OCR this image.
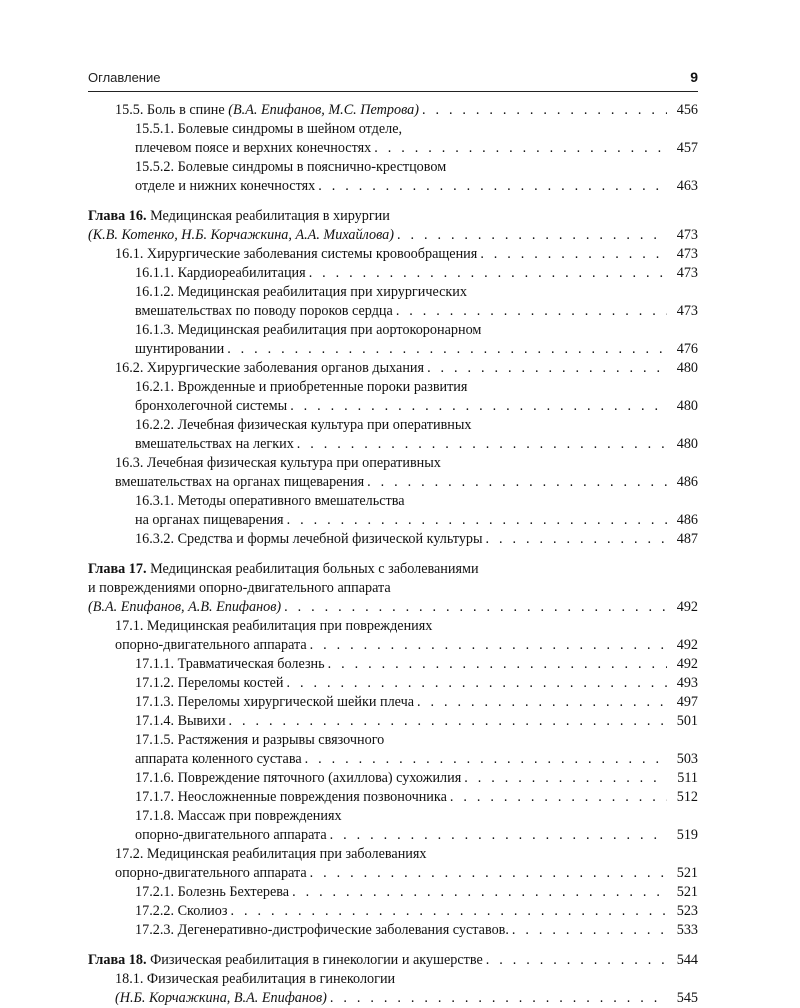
Оглавление	9
15.5. Боль в спине (В.А. Епифанов, М.С. Петрова) . . .	456
15.5.1. Болевые синдромы в шейном отделе,
плечевом поясе и верхних конечностях . . .	457
15.5.2. Болевые синдромы в пояснично-крестцовом
отделе и нижних конечностях . . .	463
Глава 16. Медицинская реабилитация в хирургии
(К.В. Котенко, Н.Б. Корчажкина, А.А. Михайлова) . . .	473
16.1. Хирургические заболевания системы кровообращения . . .	473
16.1.1. Кардиореабилитация . . .	473
16.1.2. Медицинская реабилитация при хирургических
вмешательствах по поводу пороков сердца . . .	473
16.1.3. Медицинская реабилитация при аортокоронарном
шунтировании . . .	476
16.2. Хирургические заболевания органов дыхания . . .	480
16.2.1. Врожденные и приобретенные пороки развития
бронхолегочной системы . . .	480
16.2.2. Лечебная физическая культура при оперативных
вмешательствах на легких . . .	480
16.3. Лечебная физическая культура при оперативных
вмешательствах на органах пищеварения . . .	486
16.3.1. Методы оперативного вмешательства
на органах пищеварения . . .	486
16.3.2. Средства и формы лечебной физической культуры . . .	487
Глава 17. Медицинская реабилитация больных с заболеваниями
и повреждениями опорно-двигательного аппарата
(В.А. Епифанов, А.В. Епифанов) . . .	492
17.1. Медицинская реабилитация при повреждениях
опорно-двигательного аппарата . . .	492
17.1.1. Травматическая болезнь . . .	492
17.1.2. Переломы костей . . .	493
17.1.3. Переломы хирургической шейки плеча . . .	497
17.1.4. Вывихи . . .	501
17.1.5. Растяжения и разрывы связочного
аппарата коленного сустава . . .	503
17.1.6. Повреждение пяточного (ахиллова) сухожилия . . .	511
17.1.7. Неосложненные повреждения позвоночника . . .	512
17.1.8. Массаж при повреждениях
опорно-двигательного аппарата . . .	519
17.2. Медицинская реабилитация при заболеваниях
опорно-двигательного аппарата . . .	521
17.2.1. Болезнь Бехтерева . . .	521
17.2.2. Сколиоз . . .	523
17.2.3. Дегенеративно-дистрофические заболевания суставов. . . .	533
Глава 18. Физическая реабилитация в гинекологии и акушерстве . . .	544
18.1. Физическая реабилитация в гинекологии
(Н.Б. Корчажкина, В.А. Епифанов) . . .	545
